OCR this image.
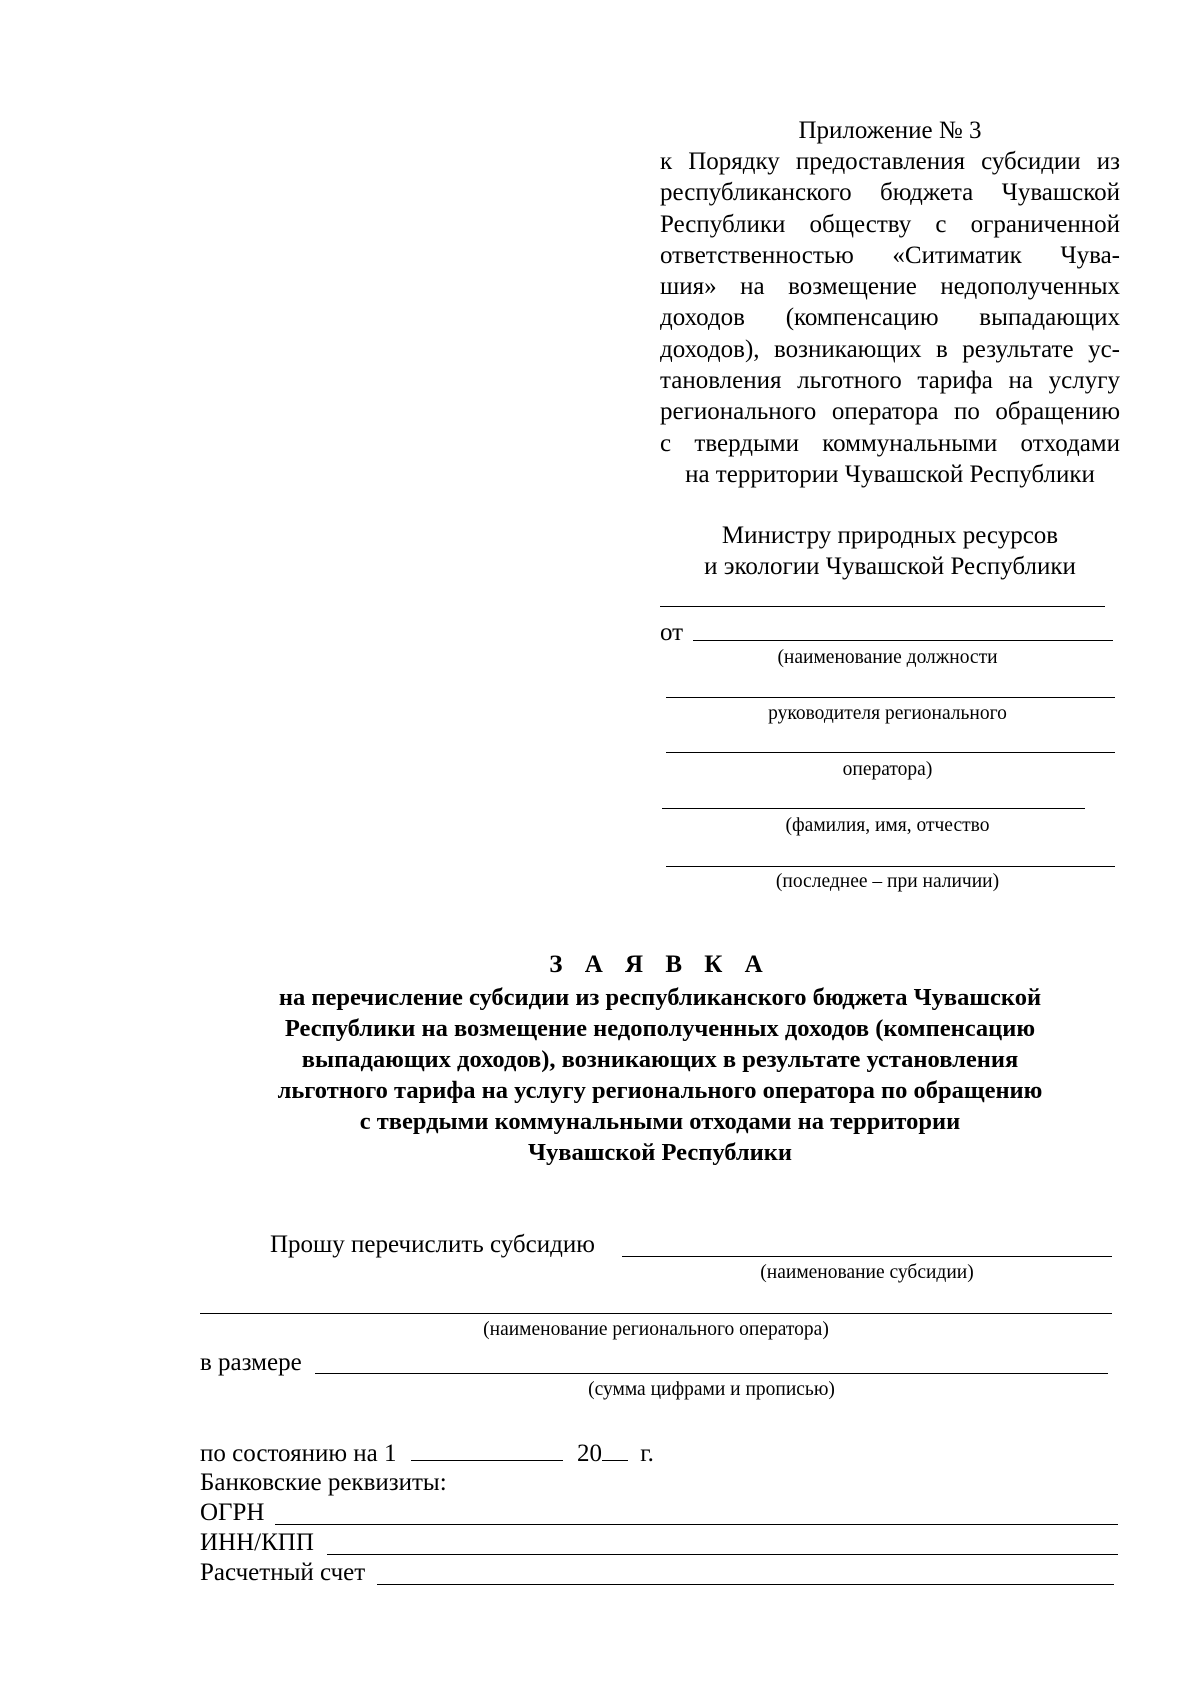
Приложение № 3
к Порядку предоставления субсидии из
республиканского бюджета Чувашской
Республики обществу с ограниченной
ответственностью «Ситиматик Чува-
шия» на возмещение недополученных
доходов (компенсацию выпадающих
доходов), возникающих в результате ус-
тановления льготного тарифа на услугу
регионального оператора по обращению
с твердыми коммунальными отходами
на территории Чувашской Республики
Министру природных ресурсов
и экологии Чувашской Республики
от
(наименование должности
руководителя регионального
оператора)
(фамилия, имя, отчество
(последнее – при наличии)
З А Я В К А
на перечисление субсидии из республиканского бюджета Чувашской
Республики на возмещение недополученных доходов (компенсацию
выпадающих доходов), возникающих в результате установления
льготного тарифа на услугу регионального оператора по обращению
с твердыми коммунальными отходами на территории
Чувашской Республики
Прошу перечислить субсидию
(наименование субсидии)
(наименование регионального оператора)
в размере
(сумма цифрами и прописью)
по состоянию на 1	20 г.
Банковские реквизиты:
ОГРН
ИНН/КПП
Расчетный счет
